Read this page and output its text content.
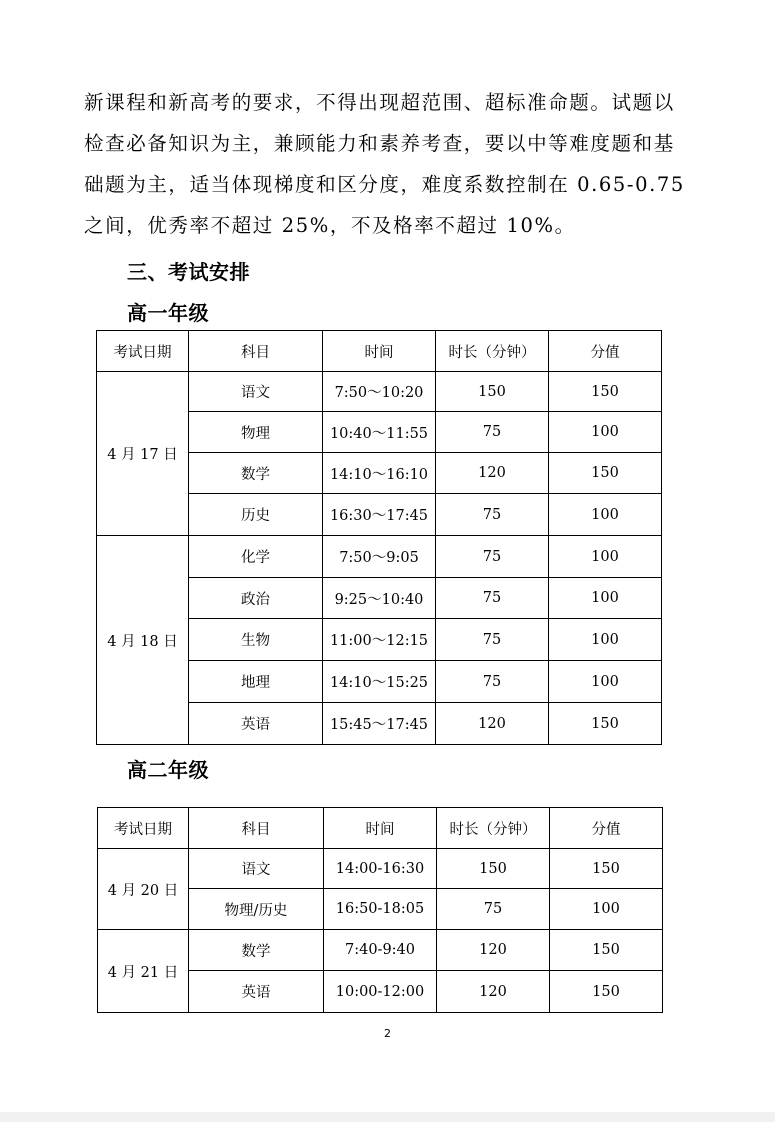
新课程和新高考的要求，不得出现超范围、超标准命题。试题以
检查必备知识为主，兼顾能力和素养考查，要以中等难度题和基
础题为主，适当体现梯度和区分度，难度系数控制在 0.65-0.75
之间，优秀率不超过 25%，不及格率不超过 10%。

三、考试安排
高一年级
考试日期	科目	时间	时长（分钟）	分值
4 月 17 日	语文	7:50～10:20	150	150
	物理	10:40～11:55	75	100
	数学	14:10～16:10	120	150
	历史	16:30～17:45	75	100
4 月 18 日	化学	7:50～9:05	75	100
	政治	9:25～10:40	75	100
	生物	11:00～12:15	75	100
	地理	14:10～15:25	75	100
	英语	15:45～17:45	120	150
高二年级
考试日期	科目	时间	时长（分钟）	分值
4 月 20 日	语文	14:00-16:30	150	150
	物理/历史	16:50-18:05	75	100
4 月 21 日	数学	7:40-9:40	120	150
	英语	10:00-12:00	120	150

2
